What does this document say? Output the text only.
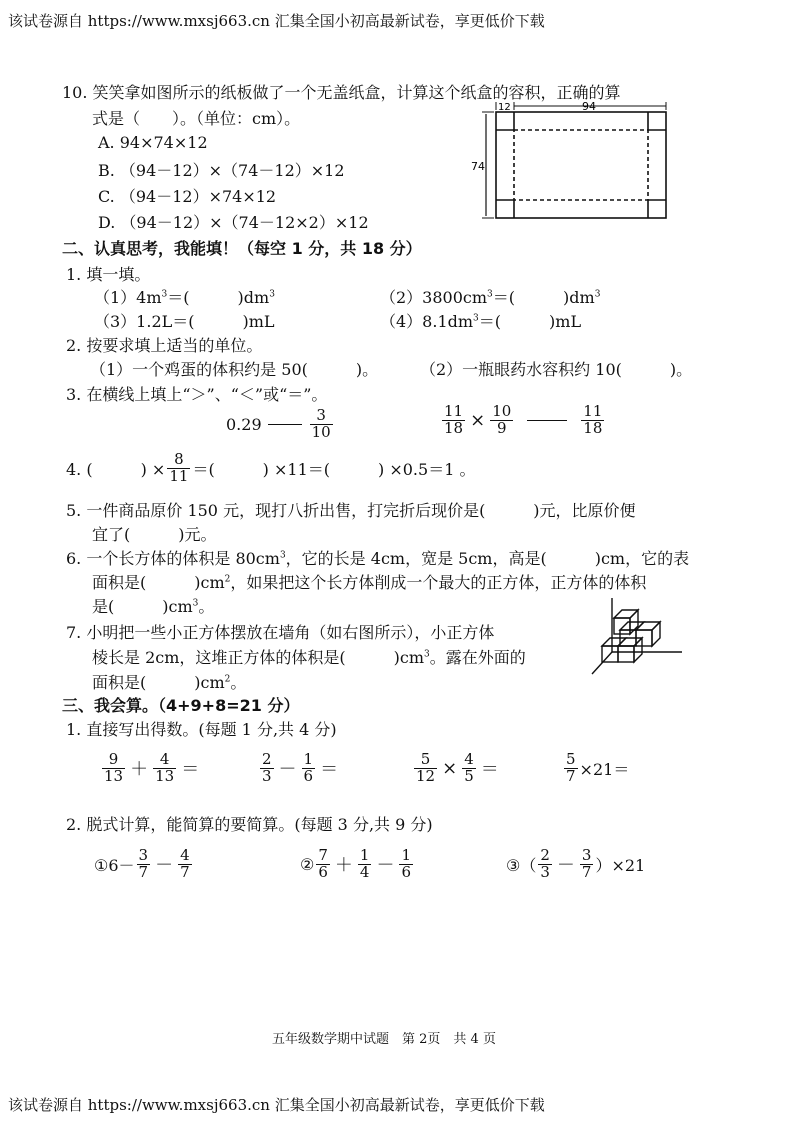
该试卷源自 https://www.mxsj663.cn 汇集全国小初高最新试卷，享更低价下载
10. 笑笑拿如图所示的纸板做了一个无盖纸盒，计算这个纸盒的容积，正确的算
式是（　　）。（单位：cm）。
A. 94×74×12
B. （94－12）×（74－12）×12
C. （94－12）×74×12
D. （94－12）×（74－12×2）×12
12	94
74
二、认真思考，我能填！（每空 1 分，共 18 分）
1. 填一填。
$(1)4m^3=$(　　　)$dm^3$	$(2)3800cm^3=$(　　　)$dm^3$
（3）1.2L＝(　　　)mL	$(4)8.1dm^3=$(　　　)mL
2. 按要求填上适当的单位。
（1）一个鸡蛋的体积约是 50(　　　)。	（2）一瓶眼药水容积约 10(　　　)。
3. 在横线上填上“＞”、“＜”或“＝”。
0.29	$\frac{3}{10}$	$\frac{11}{18} \times \frac{10}{9}$	$\frac{11}{18}$
4. (　　　) × $\frac{8}{11}$ ＝(　　　) ×11＝(　　　) ×0.5＝1 。
5. 一件商品原价 150 元，现打八折出售，打完折后现价是(　　　)元，比原价便
宜了(　　　)元。
6. 一个长方体的体积是 $80cm^3$，它的长是 4cm，宽是 5cm，高是(　　　)cm，它的表
面积是(　　　)$cm^2$，如果把这个长方体削成一个最大的正方体，正方体的体积
是(　　　)$cm^3$。
7. 小明把一些小正方体摆放在墙角（如右图所示），小正方体
棱长是 2cm，这堆正方体的体积是(　　　)$cm^3$。露在外面的
面积是(　　　)$cm^2$。
三、我会算。（4+9+8=21 分）
1. 直接写出得数。(每题 1 分,共 4 分)
$\frac{9}{13} + \frac{4}{13}$ ＝	$\frac{2}{3} - \frac{1}{6}$ ＝	$\frac{5}{12} \times \frac{4}{5}$ ＝	$\frac{5}{7} \times 21=$
2. 脱式计算，能简算的要简算。(每题 3 分,共 9 分)
①6－ $\frac{3}{7} - \frac{4}{7}$	② $\frac{7}{6} + \frac{1}{4} - \frac{1}{6}$	③（ $\frac{2}{3} - \frac{3}{7} )\times 21$
五年级数学期中试题　第 2页　共 4 页
该试卷源自 https://www.mxsj663.cn 汇集全国小初高最新试卷，享更低价下载
